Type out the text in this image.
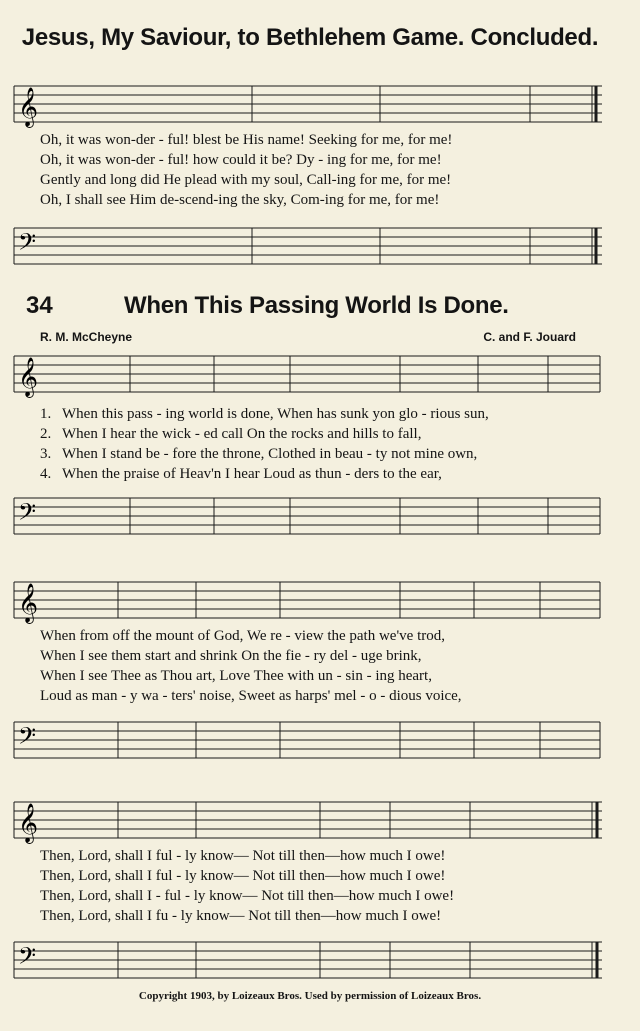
Jesus, My Saviour, to Bethlehem Game. Concluded.
𝄞
𝄢
Oh, it was won-der - ful! blest be His name! Seeking for me, for me!
Oh, it was won-der - ful! how could it be? Dy - ing for me, for me!
Gently and long did He plead with my soul, Call-ing for me, for me!
Oh, I shall see Him de-scend-ing the sky, Com-ing for me, for me!
34	When This Passing World Is Done.
R. M. McCheyne	C. and F. Jouard
𝄞
𝄢
1. When this pass - ing world is done, When has sunk yon glo - rious sun,
2. When I hear the wick - ed call On the rocks and hills to fall,
3. When I stand be - fore the throne, Clothed in beau - ty not mine own,
4. When the praise of Heav'n I hear Loud as thun - ders to the ear,
𝄞
𝄢
When from off the mount of God, We re - view the path we've trod,
When I see them start and shrink On the fie - ry del - uge brink,
When I see Thee as Thou art, Love Thee with un - sin - ing heart,
Loud as man - y wa - ters' noise, Sweet as harps' mel - o - dious voice,
𝄞
𝄢
Then, Lord, shall I ful - ly know— Not till then—how much I owe!
Then, Lord, shall I ful - ly know— Not till then—how much I owe!
Then, Lord, shall I - ful - ly know— Not till then—how much I owe!
Then, Lord, shall I fu - ly know— Not till then—how much I owe!
Copyright 1903, by Loizeaux Bros. Used by permission of Loizeaux Bros.
